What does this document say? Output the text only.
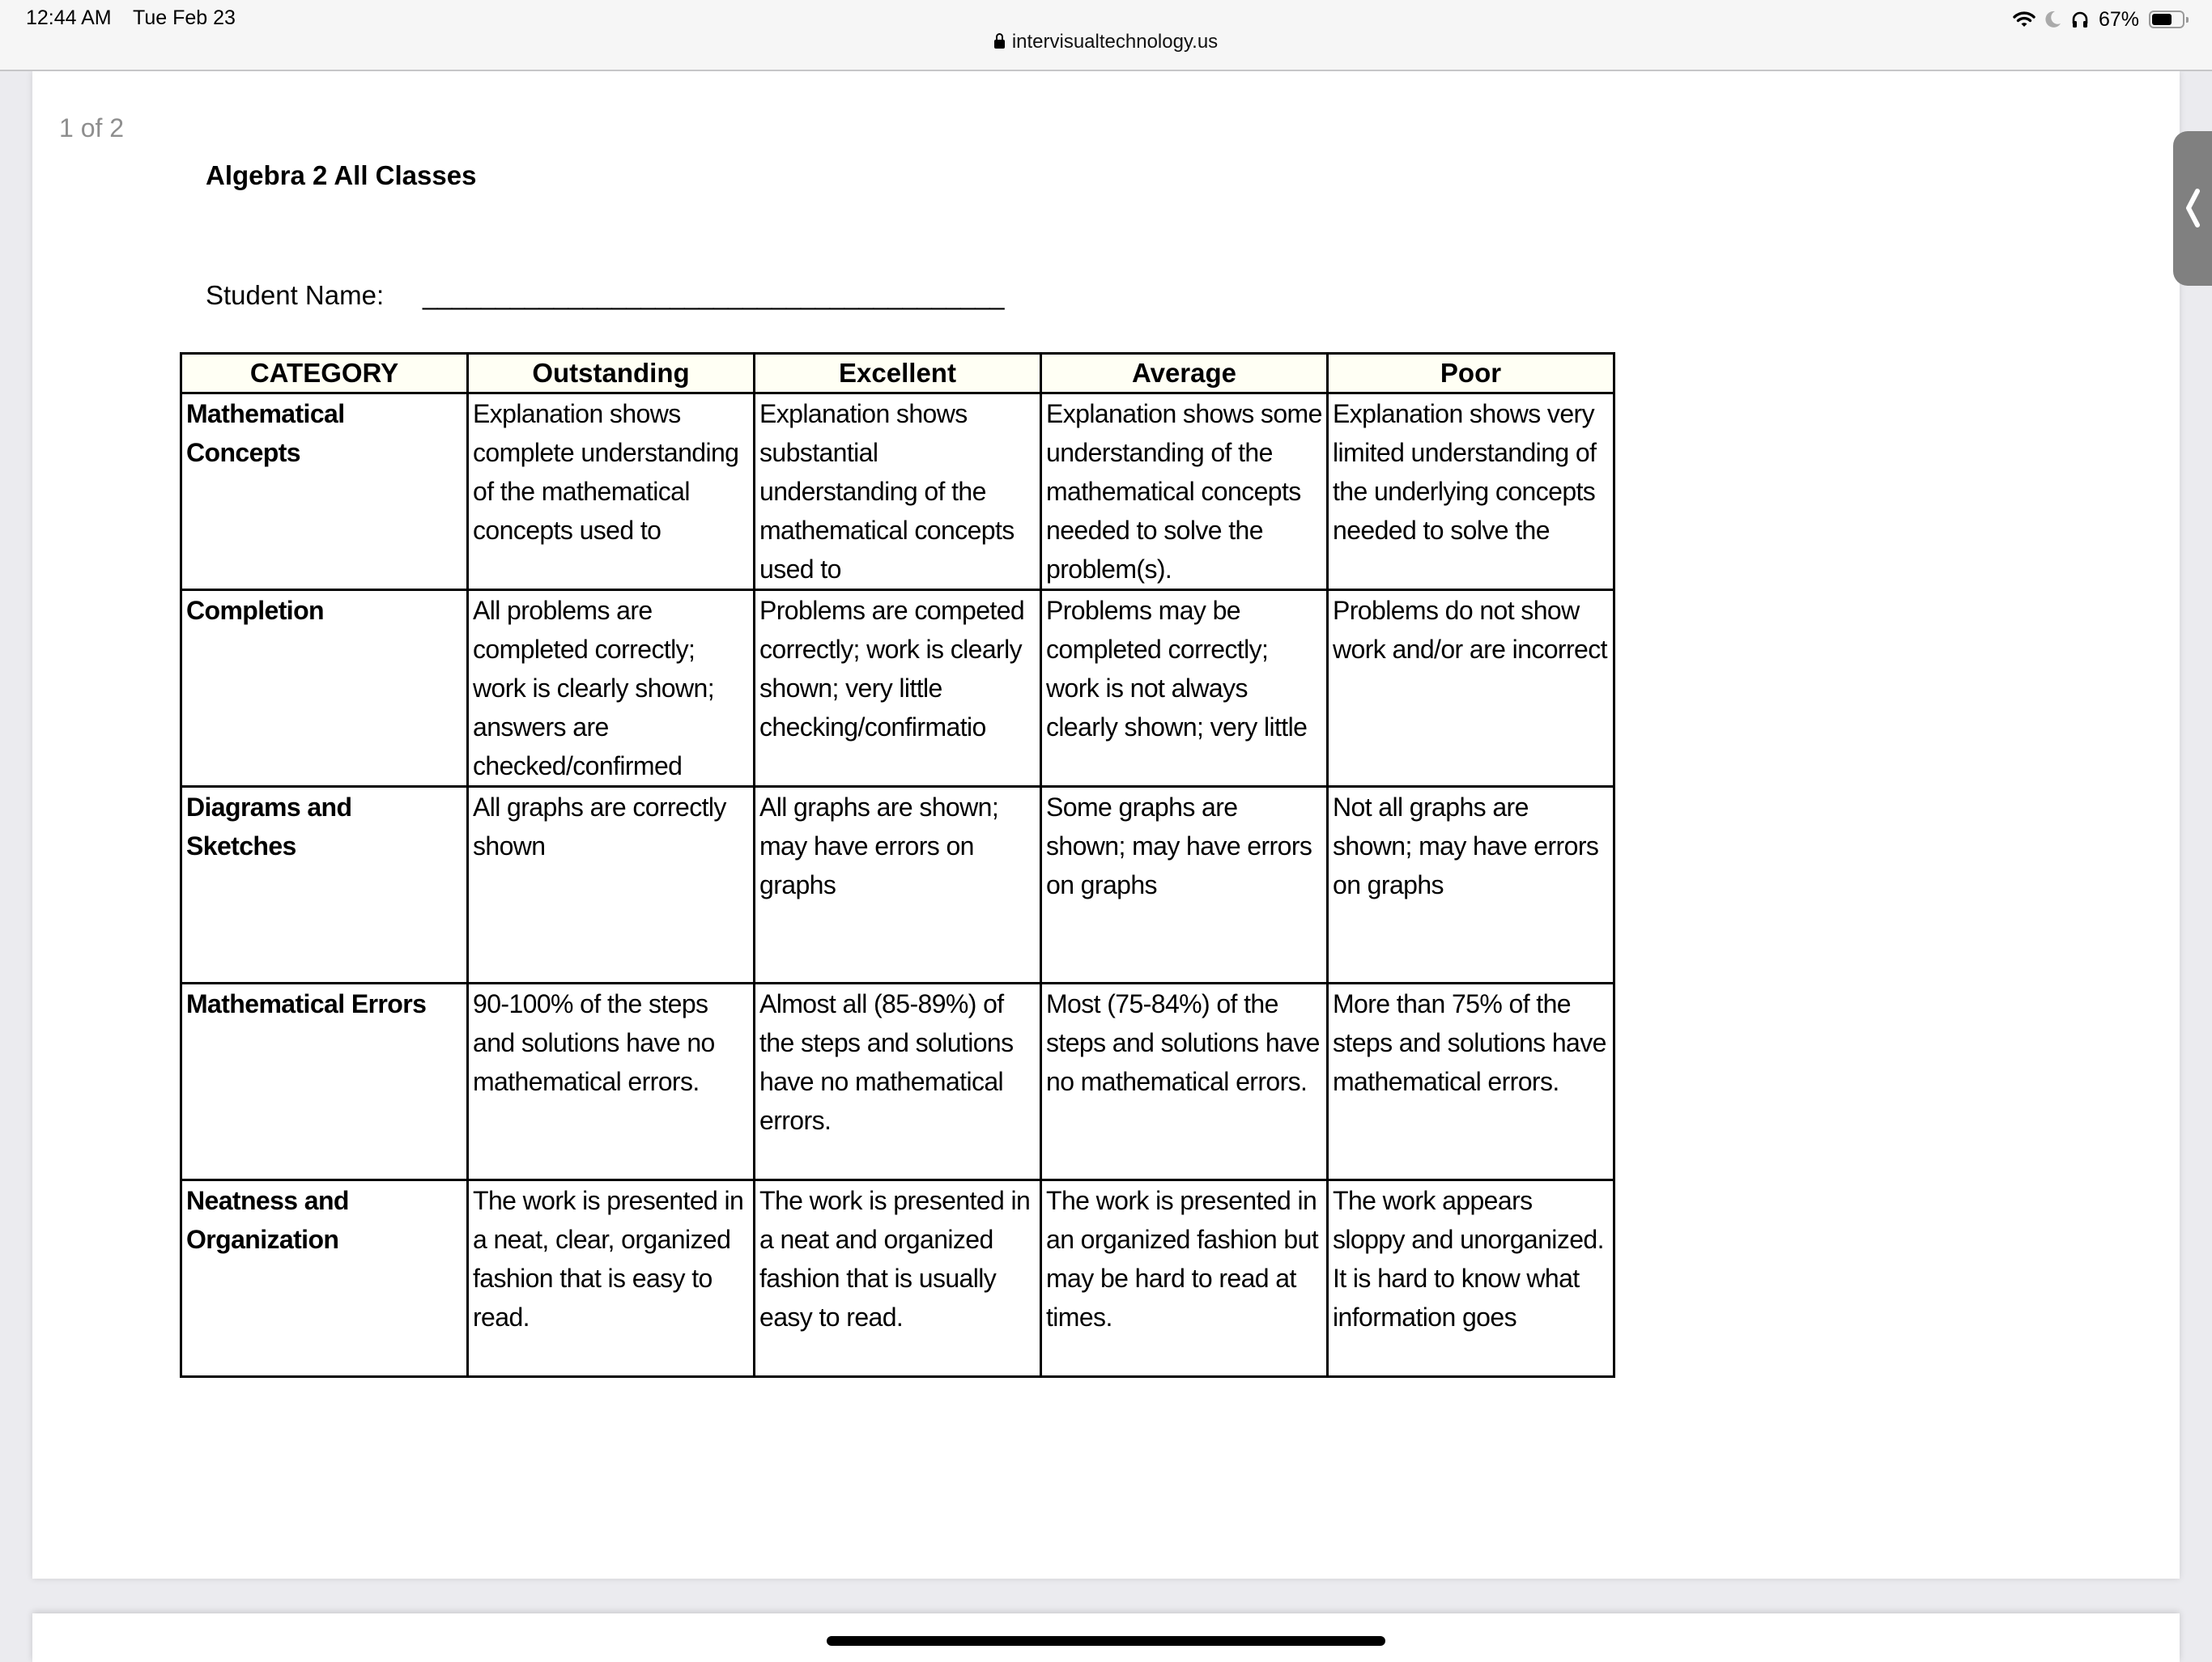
12:44 AM Tue Feb 23	67%
intervisualtechnology.us
1 of 2
Algebra 2 All Classes
Student Name: ________________________________________
CATEGORY	Outstanding	Excellent	Average	Poor

Mathematical Concepts	Explanation shows complete understanding of the mathematical concepts used to	Explanation shows substantial understanding of the mathematical concepts used to	Explanation shows some understanding of the mathematical concepts needed to solve the problem(s).	Explanation shows very limited understanding of the underlying concepts needed to solve the

Completion	All problems are completed correctly; work is clearly shown; answers are checked/confirmed	Problems are competed correctly; work is clearly shown; very little checking/confirmatio	Problems may be completed correctly; work is not always clearly shown; very little	Problems do not show work and/or are incorrect

Diagrams and Sketches	All graphs are correctly shown	All graphs are shown; may have errors on graphs	Some graphs are shown; may have errors on graphs	Not all graphs are shown; may have errors on graphs

Mathematical Errors	90-100% of the steps and solutions have no mathematical errors.	Almost all (85-89%) of the steps and solutions have no mathematical errors.	Most (75-84%) of the steps and solutions have no mathematical errors.	More than 75% of the steps and solutions have mathematical errors.

Neatness and Organization	The work is presented in a neat, clear, organized fashion that is easy to read.	The work is presented in a neat and organized fashion that is usually easy to read.	The work is presented in an organized fashion but may be hard to read at times.	The work appears sloppy and unorganized. It is hard to know what information goes
